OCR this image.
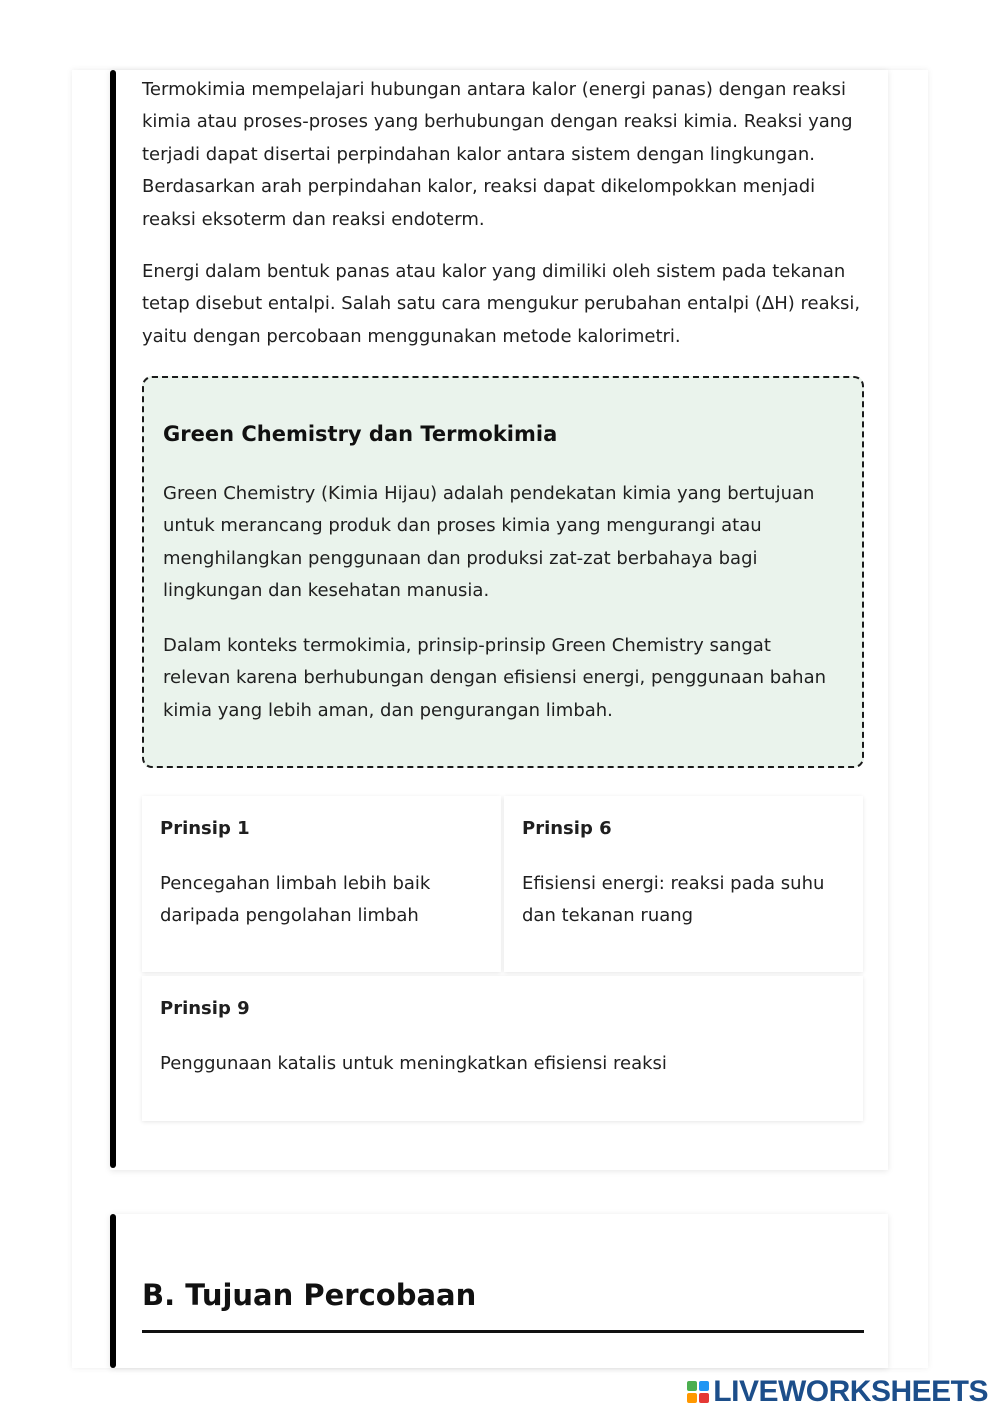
Termokimia mempelajari hubungan antara kalor (energi panas) dengan reaksi kimia atau proses-proses yang berhubungan dengan reaksi kimia. Reaksi yang terjadi dapat disertai perpindahan kalor antara sistem dengan lingkungan. Berdasarkan arah perpindahan kalor, reaksi dapat dikelompokkan menjadi reaksi eksoterm dan reaksi endoterm.

Energi dalam bentuk panas atau kalor yang dimiliki oleh sistem pada tekanan tetap disebut entalpi. Salah satu cara mengukur perubahan entalpi (ΔH) reaksi, yaitu dengan percobaan menggunakan metode kalorimetri.

Green Chemistry dan Termokimia

Green Chemistry (Kimia Hijau) adalah pendekatan kimia yang bertujuan untuk merancang produk dan proses kimia yang mengurangi atau menghilangkan penggunaan dan produksi zat-zat berbahaya bagi lingkungan dan kesehatan manusia.

Dalam konteks termokimia, prinsip-prinsip Green Chemistry sangat relevan karena berhubungan dengan efisiensi energi, penggunaan bahan kimia yang lebih aman, dan pengurangan limbah.

Prinsip 1

Pencegahan limbah lebih baik daripada pengolahan limbah

Prinsip 6

Efisiensi energi: reaksi pada suhu dan tekanan ruang

Prinsip 9

Penggunaan katalis untuk meningkatkan efisiensi reaksi

B. Tujuan Percobaan
LIVEWORKSHEETS
